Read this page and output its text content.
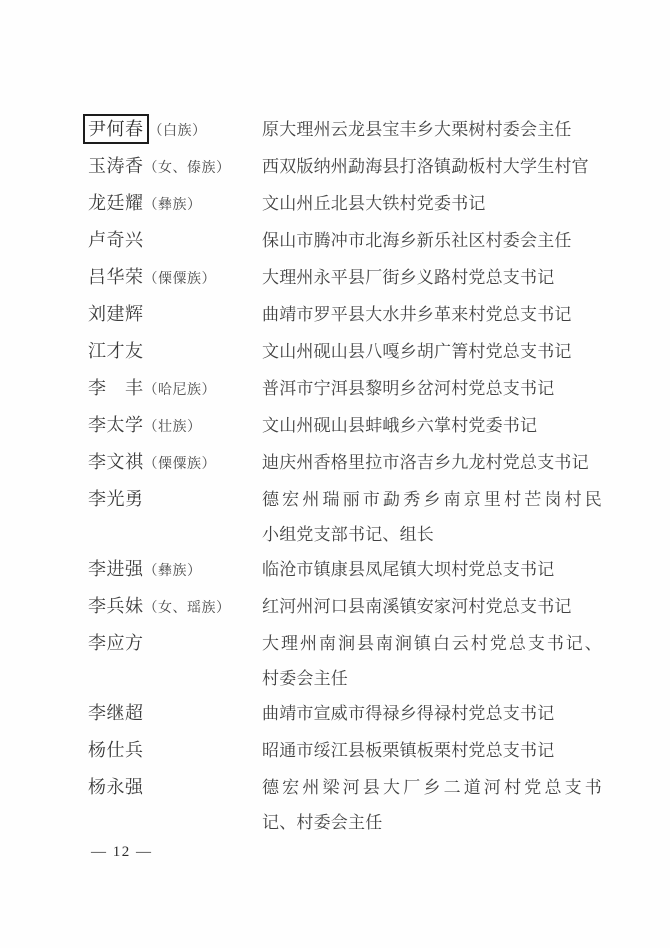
尹何春 （白族）	原大理州云龙县宝丰乡大栗树村委会主任
玉涛香（女、傣族）	西双版纳州勐海县打洛镇勐板村大学生村官
龙廷耀（彝族）	文山州丘北县大铁村党委书记
卢奇兴	保山市腾冲市北海乡新乐社区村委会主任
吕华荣（傈僳族）	大理州永平县厂街乡义路村党总支书记
刘建辉	曲靖市罗平县大水井乡革来村党总支书记
江才友	文山州砚山县八嘎乡胡广箐村党总支书记
李　丰（哈尼族）	普洱市宁洱县黎明乡岔河村党总支书记
李太学（壮族）	文山州砚山县蚌峨乡六掌村党委书记
李文祺（傈僳族）	迪庆州香格里拉市洛吉乡九龙村党总支书记
李光勇	德宏州瑞丽市勐秀乡南京里村芒岗村民
小组党支部书记、组长
李进强（彝族）	临沧市镇康县凤尾镇大坝村党总支书记
李兵妹（女、瑶族）	红河州河口县南溪镇安家河村党总支书记
李应方	大理州南涧县南涧镇白云村党总支书记、
村委会主任
李继超	曲靖市宣威市得禄乡得禄村党总支书记
杨仕兵	昭通市绥江县板栗镇板栗村党总支书记
杨永强	德宏州梁河县大厂乡二道河村党总支书
记、村委会主任
— 12 —
